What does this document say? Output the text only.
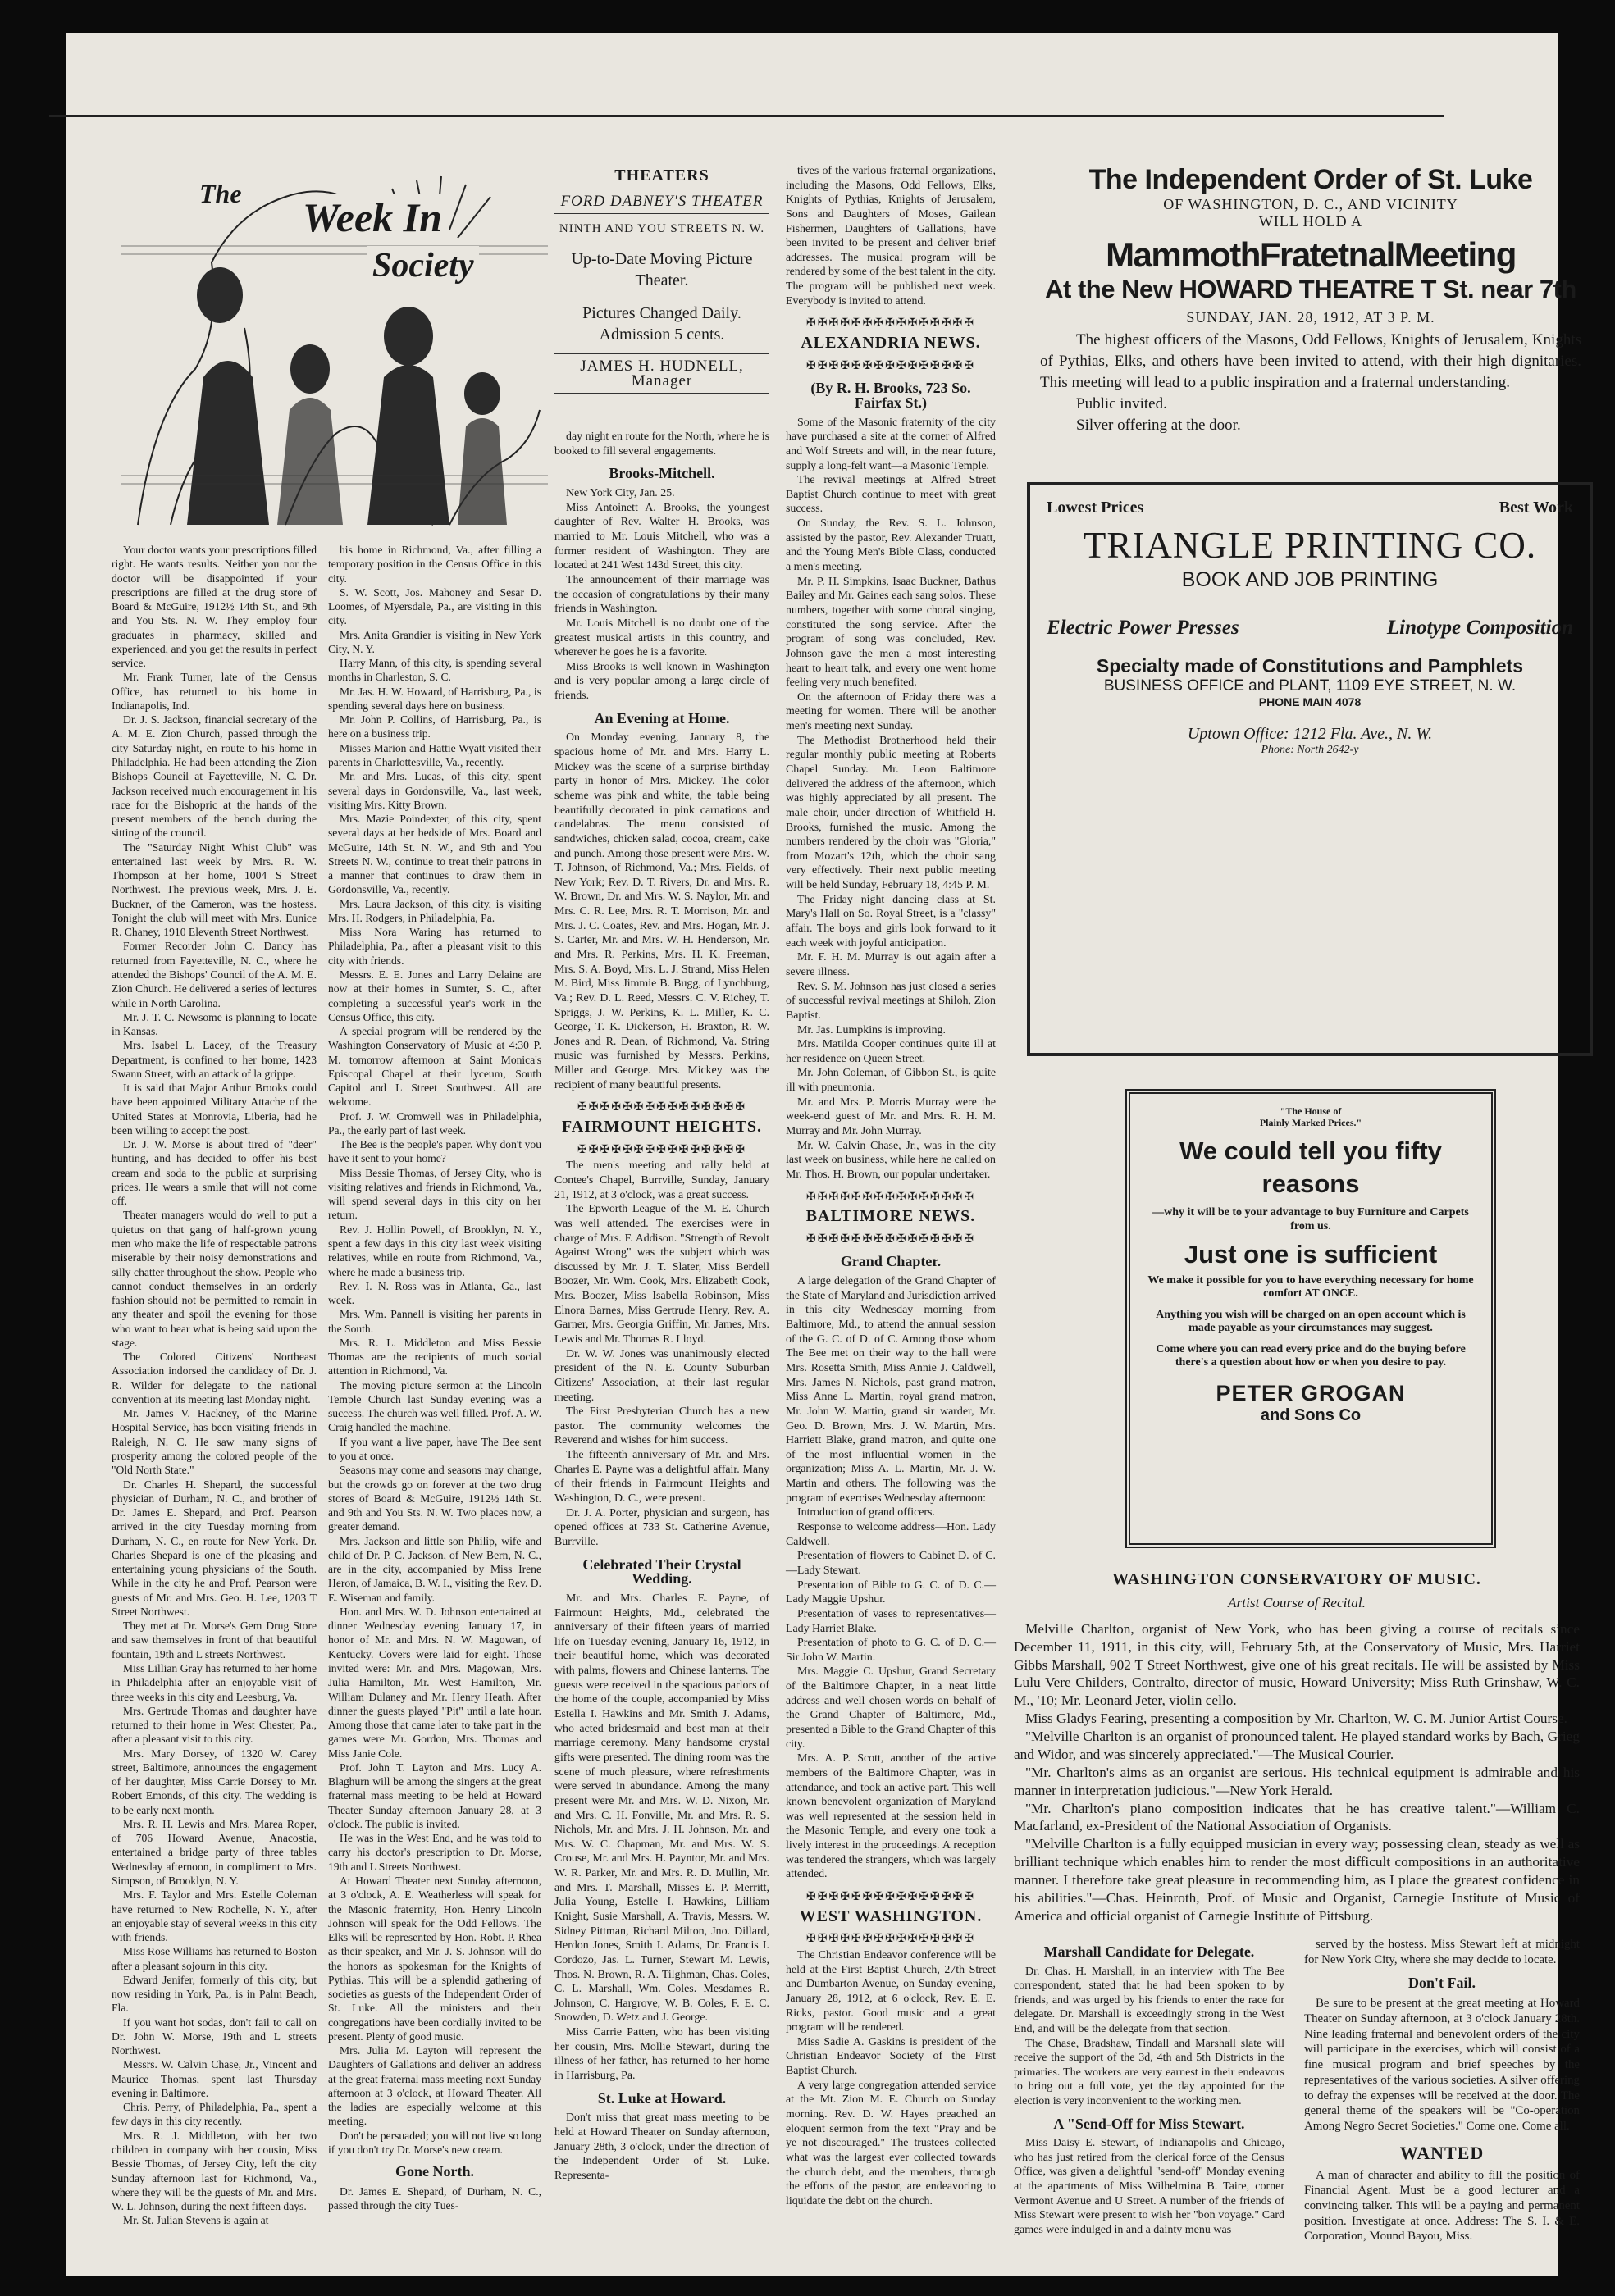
The
Week In
Society

Your doctor wants your prescriptions filled right. He wants results. Neither you nor the doctor will be disappointed if your prescriptions are filled at the drug store of Board & McGuire, 1912½ 14th St., and 9th and You Sts. N. W. They employ four graduates in pharmacy, skilled and experienced, and you get the results in perfect service.

Mr. Frank Turner, late of the Census Office, has returned to his home in Indianapolis, Ind.

Dr. J. S. Jackson, financial secretary of the A. M. E. Zion Church, passed through the city Saturday night, en route to his home in Philadelphia. He had been attending the Zion Bishops Council at Fayetteville, N. C. Dr. Jackson received much encouragement in his race for the Bishopric at the hands of the present members of the bench during the sitting of the council.

The "Saturday Night Whist Club" was entertained last week by Mrs. R. W. Thompson at her home, 1004 S Street Northwest. The previous week, Mrs. J. E. Buckner, of the Cameron, was the hostess. Tonight the club will meet with Mrs. Eunice R. Chaney, 1910 Eleventh Street Northwest.

Former Recorder John C. Dancy has returned from Fayetteville, N. C., where he attended the Bishops' Council of the A. M. E. Zion Church. He delivered a series of lectures while in North Carolina.

Mr. J. T. C. Newsome is planning to locate in Kansas.

Mrs. Isabel L. Lacey, of the Treasury Department, is confined to her home, 1423 Swann Street, with an attack of la grippe.

It is said that Major Arthur Brooks could have been appointed Military Attache of the United States at Monrovia, Liberia, had he been willing to accept the post.

Dr. J. W. Morse is about tired of "deer" hunting, and has decided to offer his best cream and soda to the public at surprising prices. He wears a smile that will not come off.

Theater managers would do well to put a quietus on that gang of half-grown young men who make the life of respectable patrons miserable by their noisy demonstrations and silly chatter throughout the show. People who cannot conduct themselves in an orderly fashion should not be permitted to remain in any theater and spoil the evening for those who want to hear what is being said upon the stage.

The Colored Citizens' Northeast Association indorsed the candidacy of Dr. J. R. Wilder for delegate to the national convention at its meeting last Monday night.

Mr. James V. Hackney, of the Marine Hospital Service, has been visiting friends in Raleigh, N. C. He saw many signs of prosperity among the colored people of the "Old North State."

Dr. Charles H. Shepard, the successful physician of Durham, N. C., and brother of Dr. James E. Shepard, and Prof. Pearson arrived in the city Tuesday morning from Durham, N. C., en route for New York. Dr. Charles Shepard is one of the pleasing and entertaining young physicians of the South. While in the city he and Prof. Pearson were guests of Mr. and Mrs. Geo. H. Lee, 1203 T Street Northwest.

They met at Dr. Morse's Gem Drug Store and saw themselves in front of that beautiful fountain, 19th and L streets Northwest.

Miss Lillian Gray has returned to her home in Philadelphia after an enjoyable visit of three weeks in this city and Leesburg, Va.

Mrs. Gertrude Thomas and daughter have returned to their home in West Chester, Pa., after a pleasant visit to this city.

Mrs. Mary Dorsey, of 1320 W. Carey street, Baltimore, announces the engagement of her daughter, Miss Carrie Dorsey to Mr. Robert Emonds, of this city. The wedding is to be early next month.

Mrs. R. H. Lewis and Mrs. Marea Roper, of 706 Howard Avenue, Anacostia, entertained a bridge party of three tables Wednesday afternoon, in compliment to Mrs. Simpson, of Brooklyn, N. Y.

Mrs. F. Taylor and Mrs. Estelle Coleman have returned to New Rochelle, N. Y., after an enjoyable stay of several weeks in this city with friends.

Miss Rose Williams has returned to Boston after a pleasant sojourn in this city.

Edward Jenifer, formerly of this city, but now residing in York, Pa., is in Palm Beach, Fla.

If you want hot sodas, don't fail to call on Dr. John W. Morse, 19th and L streets Northwest.

Messrs. W. Calvin Chase, Jr., Vincent and Maurice Thomas, spent last Thursday evening in Baltimore.

Chris. Perry, of Philadelphia, Pa., spent a few days in this city recently.

Mrs. R. J. Middleton, with her two children in company with her cousin, Miss Bessie Thomas, of Jersey City, left the city Sunday afternoon last for Richmond, Va., where they will be the guests of Mr. and Mrs. W. L. Johnson, during the next fifteen days.

Mr. St. Julian Stevens is again at

his home in Richmond, Va., after filling a temporary position in the Census Office in this city.

S. W. Scott, Jos. Mahoney and Sesar D. Loomes, of Myersdale, Pa., are visiting in this city.

Mrs. Anita Grandier is visiting in New York City, N. Y.

Harry Mann, of this city, is spending several months in Charleston, S. C.

Mr. Jas. H. W. Howard, of Harrisburg, Pa., is spending several days here on business.

Mr. John P. Collins, of Harrisburg, Pa., is here on a business trip.

Misses Marion and Hattie Wyatt visited their parents in Charlottesville, Va., recently.

Mr. and Mrs. Lucas, of this city, spent several days in Gordonsville, Va., last week, visiting Mrs. Kitty Brown.

Mrs. Mazie Poindexter, of this city, spent several days at her bedside of Mrs. Board and McGuire, 14th St. N. W., and 9th and You Streets N. W., continue to treat their patrons in a manner that continues to draw them in Gordonsville, Va., recently.

Mrs. Laura Jackson, of this city, is visiting Mrs. H. Rodgers, in Philadelphia, Pa.

Miss Nora Waring has returned to Philadelphia, Pa., after a pleasant visit to this city with friends.

Messrs. E. E. Jones and Larry Delaine are now at their homes in Sumter, S. C., after completing a successful year's work in the Census Office, this city.

A special program will be rendered by the Washington Conservatory of Music at 4:30 P. M. tomorrow afternoon at Saint Monica's Episcopal Chapel at their lyceum, South Capitol and L Street Southwest. All are welcome.

Prof. J. W. Cromwell was in Philadelphia, Pa., the early part of last week.

The Bee is the people's paper. Why don't you have it sent to your home?

Miss Bessie Thomas, of Jersey City, who is visiting relatives and friends in Richmond, Va., will spend several days in this city on her return.

Rev. J. Hollin Powell, of Brooklyn, N. Y., spent a few days in this city last week visiting relatives, while en route from Richmond, Va., where he made a business trip.

Rev. I. N. Ross was in Atlanta, Ga., last week.

Mrs. Wm. Pannell is visiting her parents in the South.

Mrs. R. L. Middleton and Miss Bessie Thomas are the recipients of much social attention in Richmond, Va.

The moving picture sermon at the Lincoln Temple Church last Sunday evening was a success. The church was well filled. Prof. A. W. Craig handled the machine.

If you want a live paper, have The Bee sent to you at once.

Seasons may come and seasons may change, but the crowds go on forever at the two drug stores of Board & McGuire, 1912½ 14th St. and 9th and You Sts. N. W. Two places now, a greater demand.

Mrs. Jackson and little son Philip, wife and child of Dr. P. C. Jackson, of New Bern, N. C., are in the city, accompanied by Miss Irene Heron, of Jamaica, B. W. I., visiting the Rev. D. E. Wiseman and family.

Hon. and Mrs. W. D. Johnson entertained at dinner Wednesday evening January 17, in honor of Mr. and Mrs. N. W. Magowan, of Kentucky. Covers were laid for eight. Those invited were: Mr. and Mrs. Magowan, Mrs. Julia Hamilton, Mr. West Hamilton, Mr. William Dulaney and Mr. Henry Heath. After dinner the guests played "Pit" until a late hour. Among those that came later to take part in the games were Mr. Gordon, Mrs. Thomas and Miss Janie Cole.

Prof. John T. Layton and Mrs. Lucy A. Blaghurn will be among the singers at the great fraternal mass meeting to be held at Howard Theater Sunday afternoon January 28, at 3 o'clock. The public is invited.

He was in the West End, and he was told to carry his doctor's prescription to Dr. Morse, 19th and L Streets Northwest.

At Howard Theater next Sunday afternoon, at 3 o'clock, A. E. Weatherless will speak for the Masonic fraternity, Hon. Henry Lincoln Johnson will speak for the Odd Fellows. The Elks will be represented by Hon. Robt. P. Rhea as their speaker, and Mr. J. S. Johnson will do the honors as spokesman for the Knights of Pythias. This will be a splendid gathering of societies as guests of the Independent Order of St. Luke. All the ministers and their congregations have been cordially invited to be present. Plenty of good music.

Mrs. Julia M. Layton will represent the Daughters of Gallations and deliver an address at the great fraternal mass meeting next Sunday afternoon at 3 o'clock, at Howard Theater. All the ladies are especially welcome at this meeting.

Don't be persuaded; you will not live so long if you don't try Dr. Morse's new cream.

Gone North.

Dr. James E. Shepard, of Durham, N. C., passed through the city Tues-

THEATERS
FORD DABNEY'S THEATER
NINTH AND YOU STREETS N. W.
Up-to-Date Moving Picture Theater.
Pictures Changed Daily. Admission 5 cents.
JAMES H. HUDNELL, Manager

day night en route for the North, where he is booked to fill several engagements.

Brooks-Mitchell.

New York City, Jan. 25.

Miss Antoinett A. Brooks, the youngest daughter of Rev. Walter H. Brooks, was married to Mr. Louis Mitchell, who was a former resident of Washington. They are located at 241 West 143d Street, this city.

The announcement of their marriage was the occasion of congratulations by their many friends in Washington.

Mr. Louis Mitchell is no doubt one of the greatest musical artists in this country, and wherever he goes he is a favorite.

Miss Brooks is well known in Washington and is very popular among a large circle of friends.

An Evening at Home.

On Monday evening, January 8, the spacious home of Mr. and Mrs. Harry L. Mickey was the scene of a surprise birthday party in honor of Mrs. Mickey. The color scheme was pink and white, the table being beautifully decorated in pink carnations and candelabras. The menu consisted of sandwiches, chicken salad, cocoa, cream, cake and punch. Among those present were Mrs. W. T. Johnson, of Richmond, Va.; Mrs. Fields, of New York; Rev. D. T. Rivers, Dr. and Mrs. R. W. Brown, Dr. and Mrs. W. S. Naylor, Mr. and Mrs. C. R. Lee, Mrs. R. T. Morrison, Mr. and Mrs. J. C. Coates, Rev. and Mrs. Hogan, Mr. J. S. Carter, Mr. and Mrs. W. H. Henderson, Mr. and Mrs. R. Perkins, Mrs. H. K. Freeman, Mrs. S. A. Boyd, Mrs. L. J. Strand, Miss Helen M. Bird, Miss Jimmie B. Bugg, of Lynchburg, Va.; Rev. D. L. Reed, Messrs. C. V. Richey, T. Spriggs, J. W. Perkins, K. L. Miller, K. C. George, T. K. Dickerson, H. Braxton, R. W. Jones and R. Dean, of Richmond, Va. String music was furnished by Messrs. Perkins, Miller and George. Mrs. Mickey was the recipient of many beautiful presents.

✠✠✠✠✠✠✠✠✠✠✠✠✠✠✠
FAIRMOUNT HEIGHTS.
✠✠✠✠✠✠✠✠✠✠✠✠✠✠✠

The men's meeting and rally held at Contee's Chapel, Burrville, Sunday, January 21, 1912, at 3 o'clock, was a great success.

The Epworth League of the M. E. Church was well attended. The exercises were in charge of Mrs. F. Addison. "Strength of Revolt Against Wrong" was the subject which was discussed by Mr. J. T. Slater, Miss Berdell Boozer, Mr. Wm. Cook, Mrs. Elizabeth Cook, Mrs. Boozer, Miss Isabella Robinson, Miss Elnora Barnes, Miss Gertrude Henry, Rev. A. Garner, Mrs. Georgia Griffin, Mr. James, Mrs. Lewis and Mr. Thomas R. Lloyd.

Dr. W. W. Jones was unanimously elected president of the N. E. County Suburban Citizens' Association, at their last regular meeting.

The First Presbyterian Church has a new pastor. The community welcomes the Reverend and wishes for him success.

The fifteenth anniversary of Mr. and Mrs. Charles E. Payne was a delightful affair. Many of their friends in Fairmount Heights and Washington, D. C., were present.

Dr. J. A. Porter, physician and surgeon, has opened offices at 733 St. Catherine Avenue, Burrville.

Celebrated Their Crystal Wedding.

Mr. and Mrs. Charles E. Payne, of Fairmount Heights, Md., celebrated the anniversary of their fifteen years of married life on Tuesday evening, January 16, 1912, in their beautiful home, which was decorated with palms, flowers and Chinese lanterns. The guests were received in the spacious parlors of the home of the couple, accompanied by Miss Estella I. Hawkins and Mr. Smith J. Adams, who acted bridesmaid and best man at their marriage ceremony. Many handsome crystal gifts were presented. The dining room was the scene of much pleasure, where refreshments were served in abundance. Among the many present were Mr. and Mrs. W. D. Nixon, Mr. and Mrs. C. H. Fonville, Mr. and Mrs. R. S. Nichols, Mr. and Mrs. J. H. Johnson, Mr. and Mrs. W. C. Chapman, Mr. and Mrs. W. S. Crouse, Mr. and Mrs. H. Payntor, Mr. and Mrs. W. R. Parker, Mr. and Mrs. R. D. Mullin, Mr. and Mrs. T. Marshall, Misses E. P. Merritt, Julia Young, Estelle I. Hawkins, Lilliam Knight, Susie Marshall, A. Travis, Messrs. W. Sidney Pittman, Richard Milton, Jno. Dillard, Herdon Jones, Smith I. Adams, Dr. Francis I. Cordozo, Jas. L. Turner, Stewart M. Lewis, Thos. N. Brown, R. A. Tilghman, Chas. Coles, C. L. Marshall, Wm. Coles. Mesdames R. Johnson, C. Hargrove, W. B. Coles, F. E. C. Snowden, D. Wetz and J. George.

Miss Carrie Patten, who has been visiting her cousin, Mrs. Mollie Stewart, during the illness of her father, has returned to her home in Harrisburg, Pa.

St. Luke at Howard.

Don't miss that great mass meeting to be held at Howard Theater on Sunday afternoon, January 28th, 3 o'clock, under the direction of the Independent Order of St. Luke. Representa-

tives of the various fraternal organizations, including the Masons, Odd Fellows, Elks, Knights of Pythias, Knights of Jerusalem, Sons and Daughters of Moses, Gailean Fishermen, Daughters of Gallations, have been invited to be present and deliver brief addresses. The musical program will be rendered by some of the best talent in the city. The program will be published next week. Everybody is invited to attend.

✠✠✠✠✠✠✠✠✠✠✠✠✠✠✠
ALEXANDRIA NEWS.
✠✠✠✠✠✠✠✠✠✠✠✠✠✠✠
(By R. H. Brooks, 723 So. Fairfax St.)

Some of the Masonic fraternity of the city have purchased a site at the corner of Alfred and Wolf Streets and will, in the near future, supply a long-felt want—a Masonic Temple.

The revival meetings at Alfred Street Baptist Church continue to meet with great success.

On Sunday, the Rev. S. L. Johnson, assisted by the pastor, Rev. Alexander Truatt, and the Young Men's Bible Class, conducted a men's meeting.

Mr. P. H. Simpkins, Isaac Buckner, Bathus Bailey and Mr. Gaines each sang solos. These numbers, together with some choral singing, constituted the song service. After the program of song was concluded, Rev. Johnson gave the men a most interesting heart to heart talk, and every one went home feeling very much benefited.

On the afternoon of Friday there was a meeting for women. There will be another men's meeting next Sunday.

The Methodist Brotherhood held their regular monthly public meeting at Roberts Chapel Sunday. Mr. Leon Baltimore delivered the address of the afternoon, which was highly appreciated by all present. The male choir, under direction of Whitfield H. Brooks, furnished the music. Among the numbers rendered by the choir was "Gloria," from Mozart's 12th, which the choir sang very effectively. Their next public meeting will be held Sunday, February 18, 4:45 P. M.

The Friday night dancing class at St. Mary's Hall on So. Royal Street, is a "classy" affair. The boys and girls look forward to it each week with joyful anticipation.

Mr. F. H. M. Murray is out again after a severe illness.

Rev. S. M. Johnson has just closed a series of successful revival meetings at Shiloh, Zion Baptist.

Mr. Jas. Lumpkins is improving.

Mrs. Matilda Cooper continues quite ill at her residence on Queen Street.

Mr. John Coleman, of Gibbon St., is quite ill with pneumonia.

Mr. and Mrs. P. Morris Murray were the week-end guest of Mr. and Mrs. R. H. M. Murray and Mr. John Murray.

Mr. W. Calvin Chase, Jr., was in the city last week on business, while here he called on Mr. Thos. H. Brown, our popular undertaker.

✠✠✠✠✠✠✠✠✠✠✠✠✠✠✠
BALTIMORE NEWS.
✠✠✠✠✠✠✠✠✠✠✠✠✠✠✠
Grand Chapter.

A large delegation of the Grand Chapter of the State of Maryland and Jurisdiction arrived in this city Wednesday morning from Baltimore, Md., to attend the annual session of the G. C. of D. of C. Among those whom The Bee met on their way to the hall were Mrs. Rosetta Smith, Miss Annie J. Caldwell, Mrs. James N. Nichols, past grand matron, Miss Anne L. Martin, royal grand matron, Mr. John W. Martin, grand sir warder, Mr. Geo. D. Brown, Mrs. J. W. Martin, Mrs. Harriett Blake, grand matron, and quite one of the most influential women in the organization; Miss A. L. Martin, Mr. J. W. Martin and others. The following was the program of exercises Wednesday afternoon:

Introduction of grand officers.

Response to welcome address—Hon. Lady Caldwell.

Presentation of flowers to Cabinet D. of C.—Lady Stewart.

Presentation of Bible to G. C. of D. C.—Lady Maggie Upshur.

Presentation of vases to representatives—Lady Harriet Blake.

Presentation of photo to G. C. of D. C.—Sir John W. Martin.

Mrs. Maggie C. Upshur, Grand Secretary of the Baltimore Chapter, in a neat little address and well chosen words on behalf of the Grand Chapter of Baltimore, Md., presented a Bible to the Grand Chapter of this city.

Mrs. A. P. Scott, another of the active members of the Baltimore Chapter, was in attendance, and took an active part. This well known benevolent organization of Maryland was well represented at the session held in the Masonic Temple, and every one took a lively interest in the proceedings. A reception was tendered the strangers, which was largely attended.

✠✠✠✠✠✠✠✠✠✠✠✠✠✠✠
WEST WASHINGTON.
✠✠✠✠✠✠✠✠✠✠✠✠✠✠✠

The Christian Endeavor conference will be held at the First Baptist Church, 27th Street and Dumbarton Avenue, on Sunday evening, January 28, 1912, at 6 o'clock, Rev. E. E. Ricks, pastor. Good music and a great program will be rendered.

Miss Sadie A. Gaskins is president of the Christian Endeavor Society of the First Baptist Church.

A very large congregation attended service at the Mt. Zion M. E. Church on Sunday morning. Rev. D. W. Hayes preached an eloquent sermon from the text "Pray and be ye not discouraged." The trustees collected what was the largest ever collected towards the church debt, and the members, through the efforts of the pastor, are endeavoring to liquidate the debt on the church.

The Independent Order of St. Luke
OF WASHINGTON, D. C., AND VICINITY
WILL HOLD A
MammothFratetnalMeeting
At the New HOWARD THEATRE T St. near 7th
SUNDAY, JAN. 28, 1912, AT 3 P. M.

The highest officers of the Masons, Odd Fellows, Knights of Jerusalem, Knights of Pythias, Elks, and others have been invited to attend, with their high dignitaries. This meeting will lead to a public inspiration and a fraternal understanding.

Public invited.

Silver offering at the door.

Lowest Prices	Best Work
TRIANGLE PRINTING CO.
BOOK AND JOB PRINTING
Electric Power Presses	Linotype Composition
Specialty made of Constitutions and Pamphlets
BUSINESS OFFICE and PLANT, 1109 EYE STREET, N. W.
PHONE MAIN 4078
Uptown Office: 1212 Fla. Ave., N. W.
Phone: North 2642-y
"The House of
Plainly Marked Prices."
We could tell you fifty reasons
—why it will be to your advantage to buy Furniture and Carpets from us.
Just one is sufficient
We make it possible for you to have everything necessary for home comfort AT ONCE.
Anything you wish will be charged on an open account which is made payable as your circumstances may suggest.
Come where you can read every price and do the buying before there's a question about how or when you desire to pay.
PETER GROGAN
and Sons Co
WASHINGTON CONSERVATORY OF MUSIC.
Artist Course of Recital.

Melville Charlton, organist of New York, who has been giving a course of recitals since December 11, 1911, in this city, will, February 5th, at the Conservatory of Music, Mrs. Harriet Gibbs Marshall, 902 T Street Northwest, give one of his great recitals. He will be assisted by Miss Lulu Vere Childers, Contralto, director of music, Howard University; Miss Ruth Grinshaw, W. C. M., '10; Mr. Leonard Jeter, violin cello.

Miss Gladys Fearing, presenting a composition by Mr. Charlton, W. C. M. Junior Artist Course.

"Melville Charlton is an organist of pronounced talent. He played standard works by Bach, Grieg and Widor, and was sincerely appreciated."—The Musical Courier.

"Mr. Charlton's aims as an organist are serious. His technical equipment is admirable and his manner in interpretation judicious."—New York Herald.

"Mr. Charlton's piano composition indicates that he has creative talent."—William C. Macfarland, ex-President of the National Association of Organists.

"Melville Charlton is a fully equipped musician in every way; possessing clean, steady as well as brilliant technique which enables him to render the most difficult compositions in an authoritative manner. I therefore take great pleasure in recommending him, as I place the greatest confidence in his abilities."—Chas. Heinroth, Prof. of Music and Organist, Carnegie Institute of Music of America and official organist of Carnegie Institute of Pittsburg.

Marshall Candidate for Delegate.

Dr. Chas. H. Marshall, in an interview with The Bee correspondent, stated that he had been spoken to by friends, and was urged by his friends to enter the race for delegate. Dr. Marshall is exceedingly strong in the West End, and will be the delegate from that section.

The Chase, Bradshaw, Tindall and Marshall slate will receive the support of the 3d, 4th and 5th Districts in the primaries. The workers are very earnest in their endeavors to bring out a full vote, yet the day appointed for the election is very inconvenient to the working men.

A "Send-Off for Miss Stewart.

Miss Daisy E. Stewart, of Indianapolis and Chicago, who has just retired from the clerical force of the Census Office, was given a delightful "send-off" Monday evening at the apartments of Miss Wilhelmina B. Taire, corner Vermont Avenue and U Street. A number of the friends of Miss Stewart were present to wish her "bon voyage." Card games were indulged in and a dainty menu was

served by the hostess. Miss Stewart left at midnight for New York City, where she may decide to locate.

Don't Fail.

Be sure to be present at the great meeting at Howard Theater on Sunday afternoon, at 3 o'clock January 28th. Nine leading fraternal and benevolent orders of the city will participate in the exercises, which will consist of a fine musical program and brief speeches by the representatives of the various societies. A silver offering to defray the expenses will be received at the door. The general theme of the speakers will be "Co-operation Among Negro Secret Societies." Come one. Come all.

WANTED

A man of character and ability to fill the position of Financial Agent. Must be a good lecturer and a convincing talker. This will be a paying and permanent position. Investigate at once. Address: The S. I. & E. Corporation, Mound Bayou, Miss.
